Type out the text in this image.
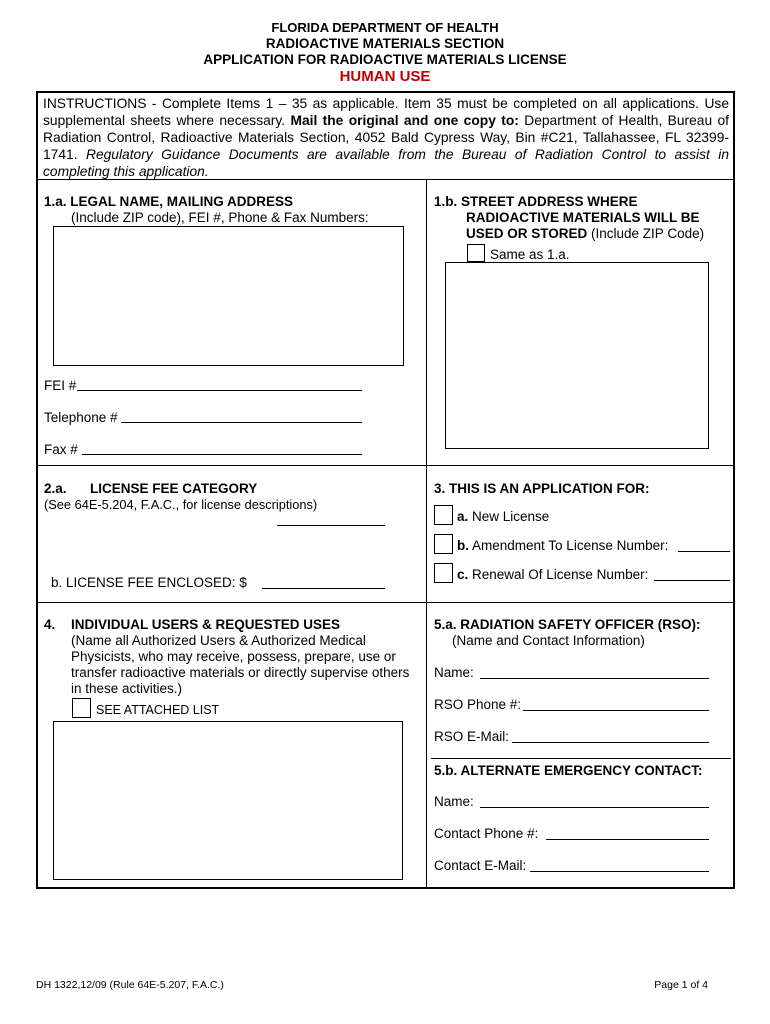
FLORIDA DEPARTMENT OF HEALTH
RADIOACTIVE MATERIALS SECTION
APPLICATION FOR RADIOACTIVE MATERIALS LICENSE
HUMAN USE
INSTRUCTIONS - Complete Items 1 – 35 as applicable. Item 35 must be completed on all applications. Use supplemental sheets where necessary. Mail the original and one copy to: Department of Health, Bureau of Radiation Control, Radioactive Materials Section, 4052 Bald Cypress Way, Bin #C21, Tallahassee, FL 32399-1741. Regulatory Guidance Documents are available from the Bureau of Radiation Control to assist in completing this application.
1.a. LEGAL NAME, MAILING ADDRESS
(Include ZIP code), FEI #, Phone & Fax Numbers:
FEI #
Telephone #
Fax #
1.b. STREET ADDRESS WHERE
RADIOACTIVE MATERIALS WILL BE
USED OR STORED (Include ZIP Code)
Same as 1.a.
2.a. LICENSE FEE CATEGORY
(See 64E-5.204, F.A.C., for license descriptions)
b. LICENSE FEE ENCLOSED: $
3. THIS IS AN APPLICATION FOR:
a. New License
b. Amendment To License Number:
c. Renewal Of License Number:
4. INDIVIDUAL USERS & REQUESTED USES
(Name all Authorized Users & Authorized Medical
Physicists, who may receive, possess, prepare, use or
transfer radioactive materials or directly supervise others
in these activities.)
SEE ATTACHED LIST
5.a. RADIATION SAFETY OFFICER (RSO):
(Name and Contact Information)
Name:
RSO Phone #:
RSO E-Mail:
5.b. ALTERNATE EMERGENCY CONTACT:
Name:
Contact Phone #:
Contact E-Mail:
DH 1322,12/09 (Rule 64E-5.207, F.A.C.)	Page 1 of 4
